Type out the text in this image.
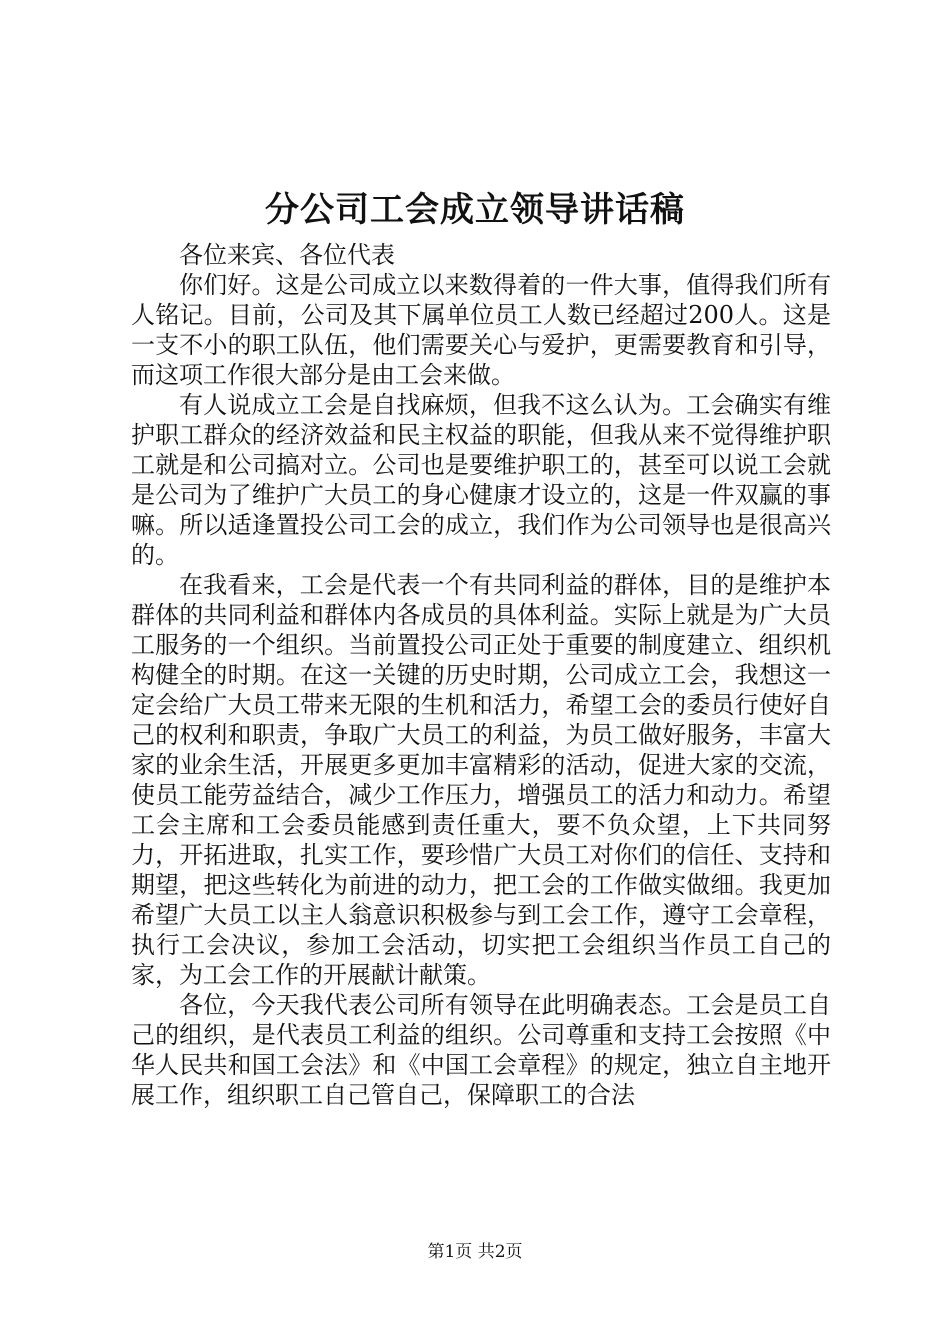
分公司工会成立领导讲话稿

各位来宾、各位代表

你们好。这是公司成立以来数得着的一件大事，值得我们所有人铭记。目前，公司及其下属单位员工人数已经超过200人。这是一支不小的职工队伍，他们需要关心与爱护，更需要教育和引导，而这项工作很大部分是由工会来做。

有人说成立工会是自找麻烦，但我不这么认为。工会确实有维护职工群众的经济效益和民主权益的职能，但我从来不觉得维护职工就是和公司搞对立。公司也是要维护职工的，甚至可以说工会就是公司为了维护广大员工的身心健康才设立的，这是一件双赢的事嘛。所以适逢置投公司工会的成立，我们作为公司领导也是很高兴的。

在我看来，工会是代表一个有共同利益的群体，目的是维护本群体的共同利益和群体内各成员的具体利益。实际上就是为广大员工服务的一个组织。当前置投公司正处于重要的制度建立、组织机构健全的时期。在这一关键的历史时期，公司成立工会，我想这一定会给广大员工带来无限的生机和活力，希望工会的委员行使好自己的权利和职责，争取广大员工的利益，为员工做好服务，丰富大家的业余生活，开展更多更加丰富精彩的活动，促进大家的交流，使员工能劳益结合，减少工作压力，增强员工的活力和动力。希望工会主席和工会委员能感到责任重大，要不负众望，上下共同努力，开拓进取，扎实工作，要珍惜广大员工对你们的信任、支持和期望，把这些转化为前进的动力，把工会的工作做实做细。我更加希望广大员工以主人翁意识积极参与到工会工作，遵守工会章程，执行工会决议，参加工会活动，切实把工会组织当作员工自己的家，为工会工作的开展献计献策。

各位，今天我代表公司所有领导在此明确表态。工会是员工自己的组织，是代表员工利益的组织。公司尊重和支持工会按照《中华人民共和国工会法》和《中国工会章程》的规定，独立自主地开展工作，组织职工自己管自己，保障职工的合法

第1页 共2页
